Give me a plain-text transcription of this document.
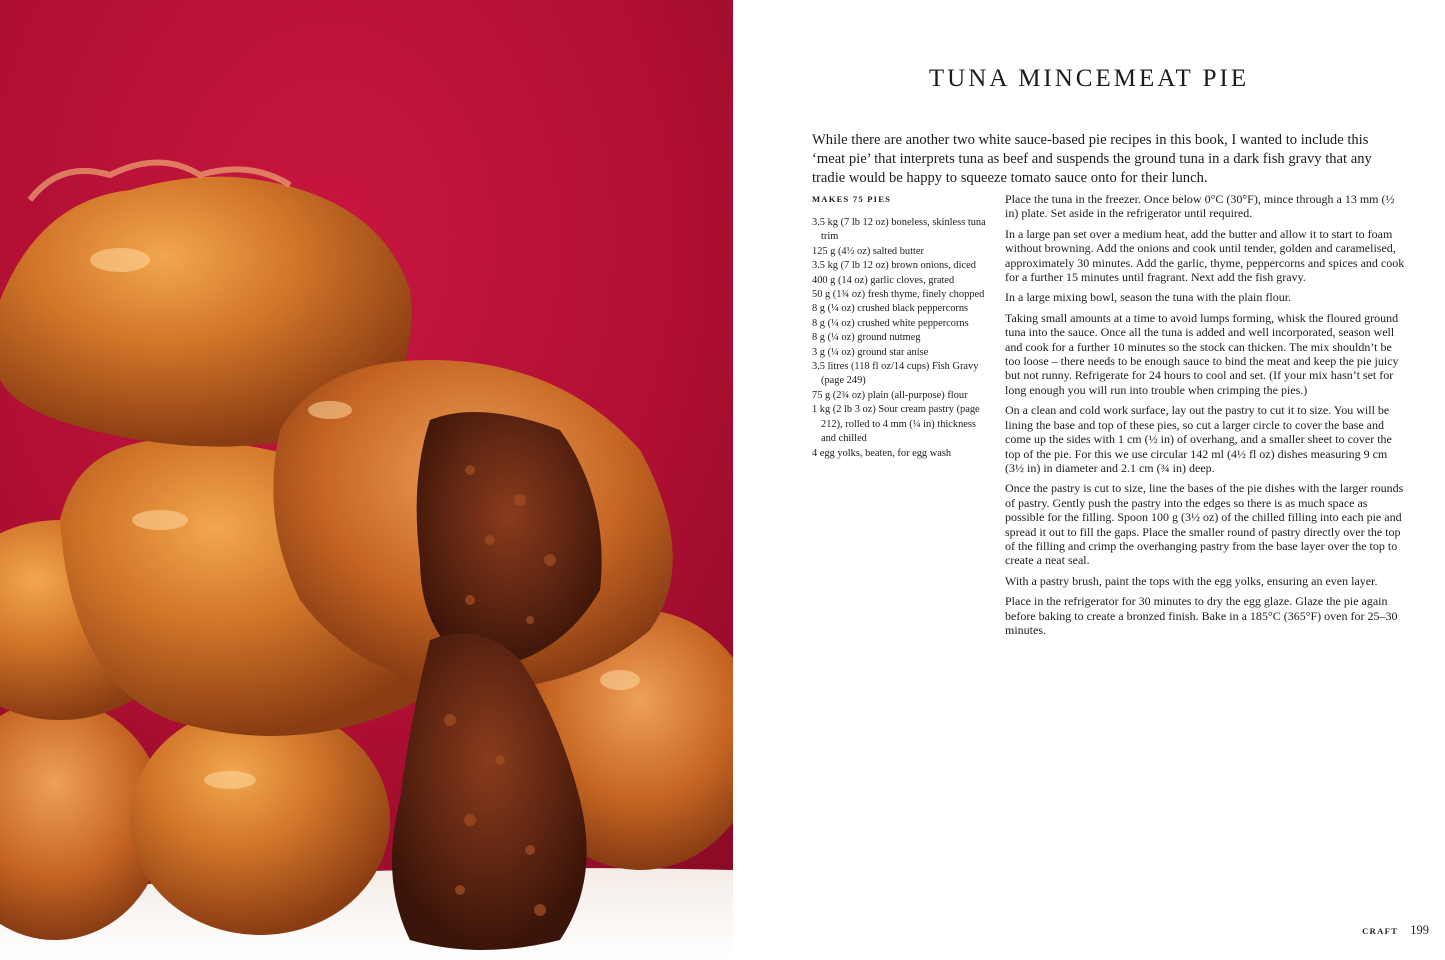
TUNA MINCEMEAT PIE

While there are another two white sauce-based pie recipes in this book, I wanted to include this ‘meat pie’ that interprets tuna as beef and suspends the ground tuna in a dark fish gravy that any tradie would be happy to squeeze tomato sauce onto for their lunch.

MAKES 75 PIES
3.5 kg (7 lb 12 oz) boneless, skinless tuna trim
125 g (4½ oz) salted butter
3.5 kg (7 lb 12 oz) brown onions, diced
400 g (14 oz) garlic cloves, grated
50 g (1¾ oz) fresh thyme, finely chopped
8 g (¼ oz) crushed black peppercorns
8 g (¼ oz) crushed white peppercorns
8 g (¼ oz) ground nutmeg
3 g (¼ oz) ground star anise
3.5 litres (118 fl oz/14 cups) Fish Gravy (page 249)
75 g (2¾ oz) plain (all-purpose) flour
1 kg (2 lb 3 oz) Sour cream pastry (page 212), rolled to 4 mm (¼ in) thickness and chilled
4 egg yolks, beaten, for egg wash

Place the tuna in the freezer. Once below 0°C (30°F), mince through a 13 mm (½ in) plate. Set aside in the refrigerator until required.

In a large pan set over a medium heat, add the butter and allow it to start to foam without browning. Add the onions and cook until tender, golden and caramelised, approximately 30 minutes. Add the garlic, thyme, peppercorns and spices and cook for a further 15 minutes until fragrant. Next add the fish gravy.

In a large mixing bowl, season the tuna with the plain flour.

Taking small amounts at a time to avoid lumps forming, whisk the floured ground tuna into the sauce. Once all the tuna is added and well incorporated, season well and cook for a further 10 minutes so the stock can thicken. The mix shouldn’t be too loose – there needs to be enough sauce to bind the meat and keep the pie juicy but not runny. Refrigerate for 24 hours to cool and set. (If your mix hasn’t set for long enough you will run into trouble when crimping the pies.)

On a clean and cold work surface, lay out the pastry to cut it to size. You will be lining the base and top of these pies, so cut a larger circle to cover the base and come up the sides with 1 cm (½ in) of overhang, and a smaller sheet to cover the top of the pie. For this we use circular 142 ml (4½ fl oz) dishes measuring 9 cm (3½ in) in diameter and 2.1 cm (¾ in) deep.

Once the pastry is cut to size, line the bases of the pie dishes with the larger rounds of pastry. Gently push the pastry into the edges so there is as much space as possible for the filling. Spoon 100 g (3½ oz) of the chilled filling into each pie and spread it out to fill the gaps. Place the smaller round of pastry directly over the top of the filling and crimp the overhanging pastry from the base layer over the top to create a neat seal.

With a pastry brush, paint the tops with the egg yolks, ensuring an even layer.

Place in the refrigerator for 30 minutes to dry the egg glaze. Glaze the pie again before baking to create a bronzed finish. Bake in a 185°C (365°F) oven for 25–30 minutes.

CRAFT 199
